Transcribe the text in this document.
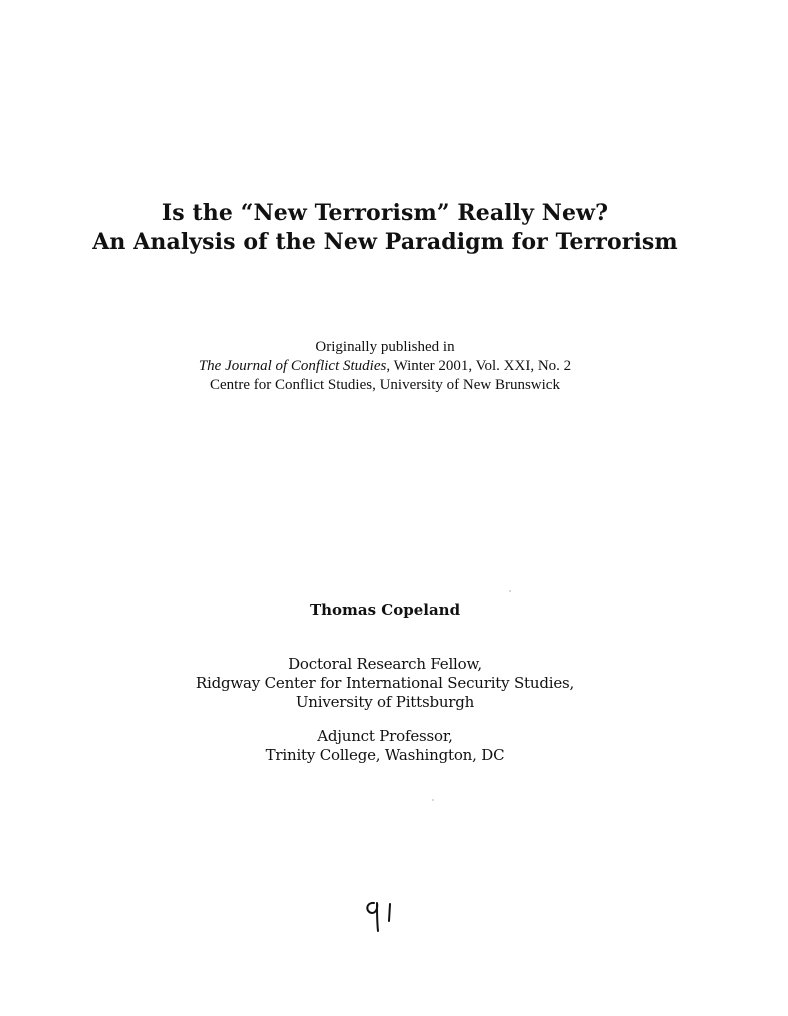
Is the “New Terrorism” Really New?
An Analysis of the New Paradigm for Terrorism
Originally published in
The Journal of Conflict Studies, Winter 2001, Vol. XXI, No. 2
Centre for Conflict Studies, University of New Brunswick
Thomas Copeland
Doctoral Research Fellow,
Ridgway Center for International Security Studies,
University of Pittsburgh
Adjunct Professor,
Trinity College, Washington, DC
